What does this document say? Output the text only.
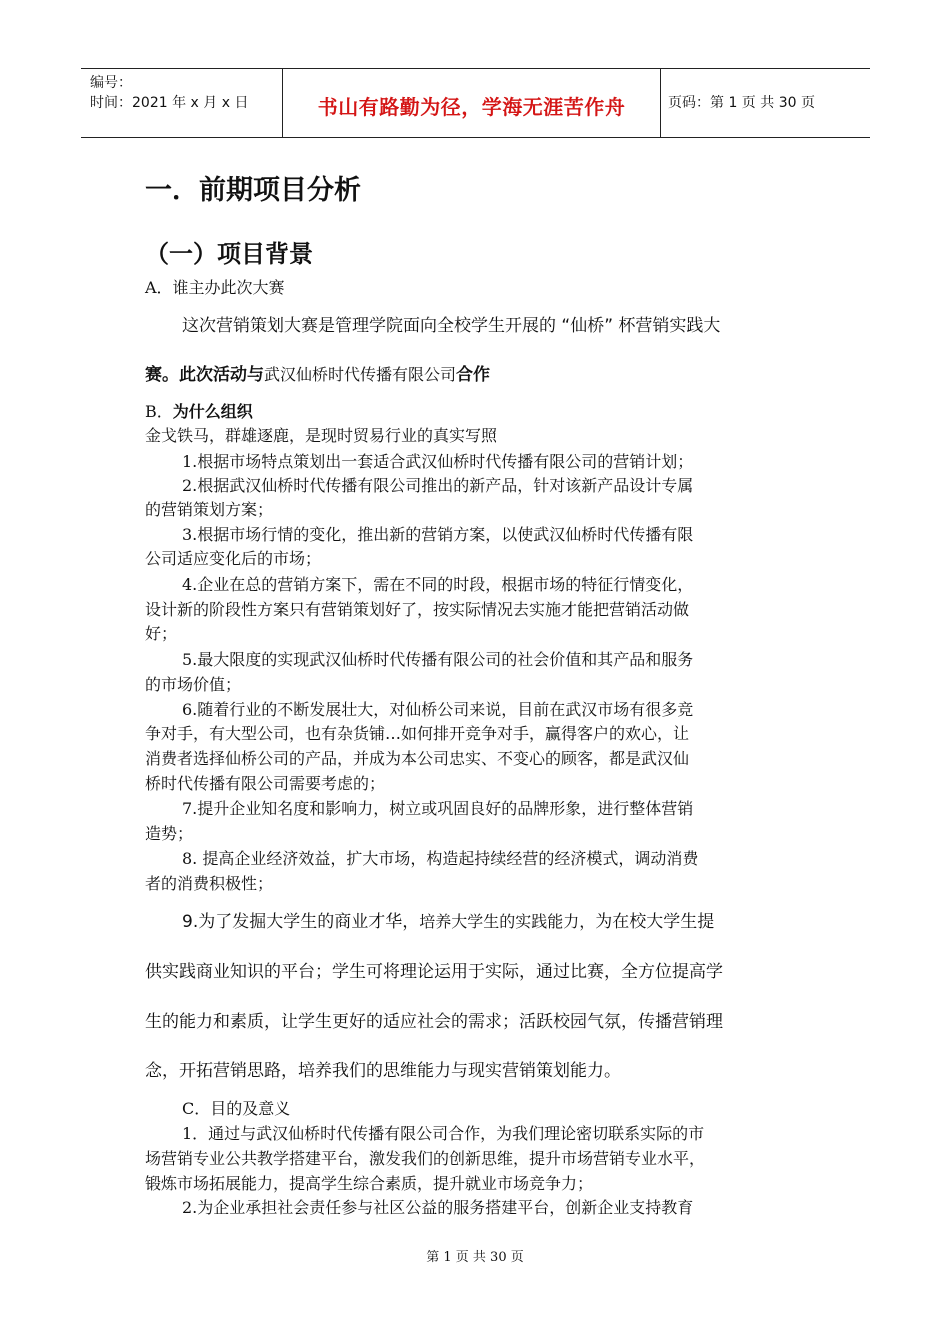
编号：
时间：2021 年 x 月 x 日	书山有路勤为径，学海无涯苦作舟	页码：第 1 页 共 30 页
一．前期项目分析
（一）项目背景
A．谁主办此次大赛
这次营销策划大赛是管理学院面向全校学生开展的 “仙桥” 杯营销实践大
赛。此次活动与武汉仙桥时代传播有限公司合作
B．为什么组织
金戈铁马，群雄逐鹿，是现时贸易行业的真实写照
1.根据市场特点策划出一套适合武汉仙桥时代传播有限公司的营销计划；
2.根据武汉仙桥时代传播有限公司推出的新产品，针对该新产品设计专属
的营销策划方案；
3.根据市场行情的变化，推出新的营销方案，以使武汉仙桥时代传播有限
公司适应变化后的市场；
4.企业在总的营销方案下，需在不同的时段，根据市场的特征行情变化，
设计新的阶段性方案只有营销策划好了，按实际情况去实施才能把营销活动做
好；
5.最大限度的实现武汉仙桥时代传播有限公司的社会价值和其产品和服务
的市场价值；
6.随着行业的不断发展壮大，对仙桥公司来说，目前在武汉市场有很多竞
争对手，有大型公司，也有杂货铺…如何排开竞争对手，赢得客户的欢心，让
消费者选择仙桥公司的产品，并成为本公司忠实、不变心的顾客，都是武汉仙
桥时代传播有限公司需要考虑的；
7.提升企业知名度和影响力，树立或巩固良好的品牌形象，进行整体营销
造势；
8. 提高企业经济效益，扩大市场，构造起持续经营的经济模式，调动消费
者的消费积极性；
9.为了发掘大学生的商业才华，培养大学生的实践能力，为在校大学生提
供实践商业知识的平台；学生可将理论运用于实际，通过比赛，全方位提高学
生的能力和素质，让学生更好的适应社会的需求；活跃校园气氛，传播营销理
念，开拓营销思路，培养我们的思维能力与现实营销策划能力。
C．目的及意义
1．通过与武汉仙桥时代传播有限公司合作，为我们理论密切联系实际的市
场营销专业公共教学搭建平台，激发我们的创新思维，提升市场营销专业水平，
锻炼市场拓展能力，提高学生综合素质，提升就业市场竞争力；
2.为企业承担社会责任参与社区公益的服务搭建平台，创新企业支持教育
第 1 页 共 30 页
